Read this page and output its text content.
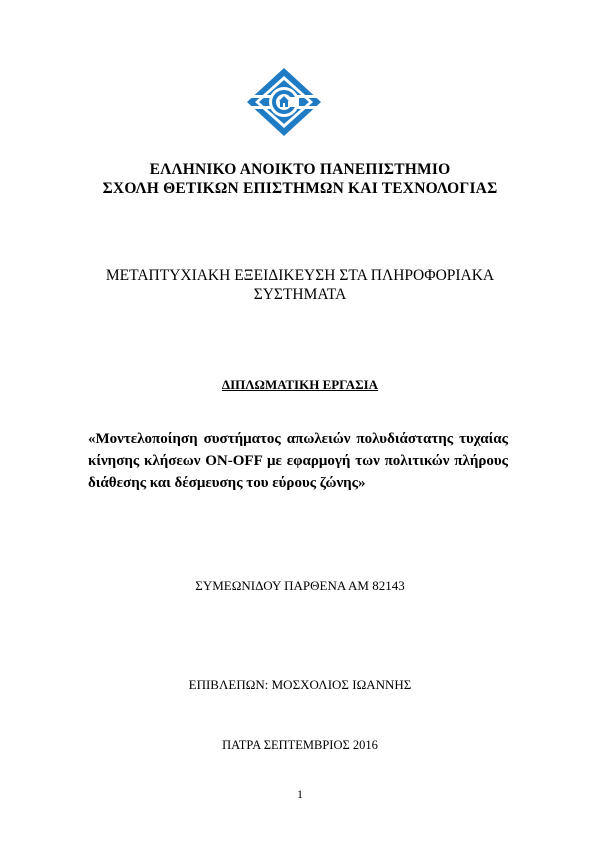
ΕΛΛΗΝΙΚΟ ΑΝΟΙΚΤΟ ΠΑΝΕΠΙΣΤΗΜΙΟ

ΣΧΟΛΗ ΘΕΤΙΚΩΝ ΕΠΙΣΤΗΜΩΝ ΚΑΙ ΤΕΧΝΟΛΟΓΙΑΣ

ΜΕΤΑΠΤΥΧΙΑΚΗ ΕΞΕΙΔΙΚΕΥΣΗ ΣΤΑ ΠΛΗΡΟΦΟΡΙΑΚΑ

ΣΥΣΤΗΜΑΤΑ

ΔΙΠΛΩΜΑΤΙΚΗ ΕΡΓΑΣΙΑ
«Μοντελοποίηση συστήματος απωλειών πολυδιάστατης τυχαίας κίνησης κλήσεων ON-OFF με εφαρμογή των πολιτικών πλήρους διάθεσης και δέσμευσης του εύρους ζώνης»
ΣΥΜΕΩΝΙΔΟΥ ΠΑΡΘΕΝΑ ΑΜ 82143
ΕΠΙΒΛΕΠΩΝ: ΜΟΣΧΟΛΙΟΣ ΙΩΑΝΝΗΣ
ΠΑΤΡΑ ΣΕΠΤΕΜΒΡΙΟΣ 2016
1
